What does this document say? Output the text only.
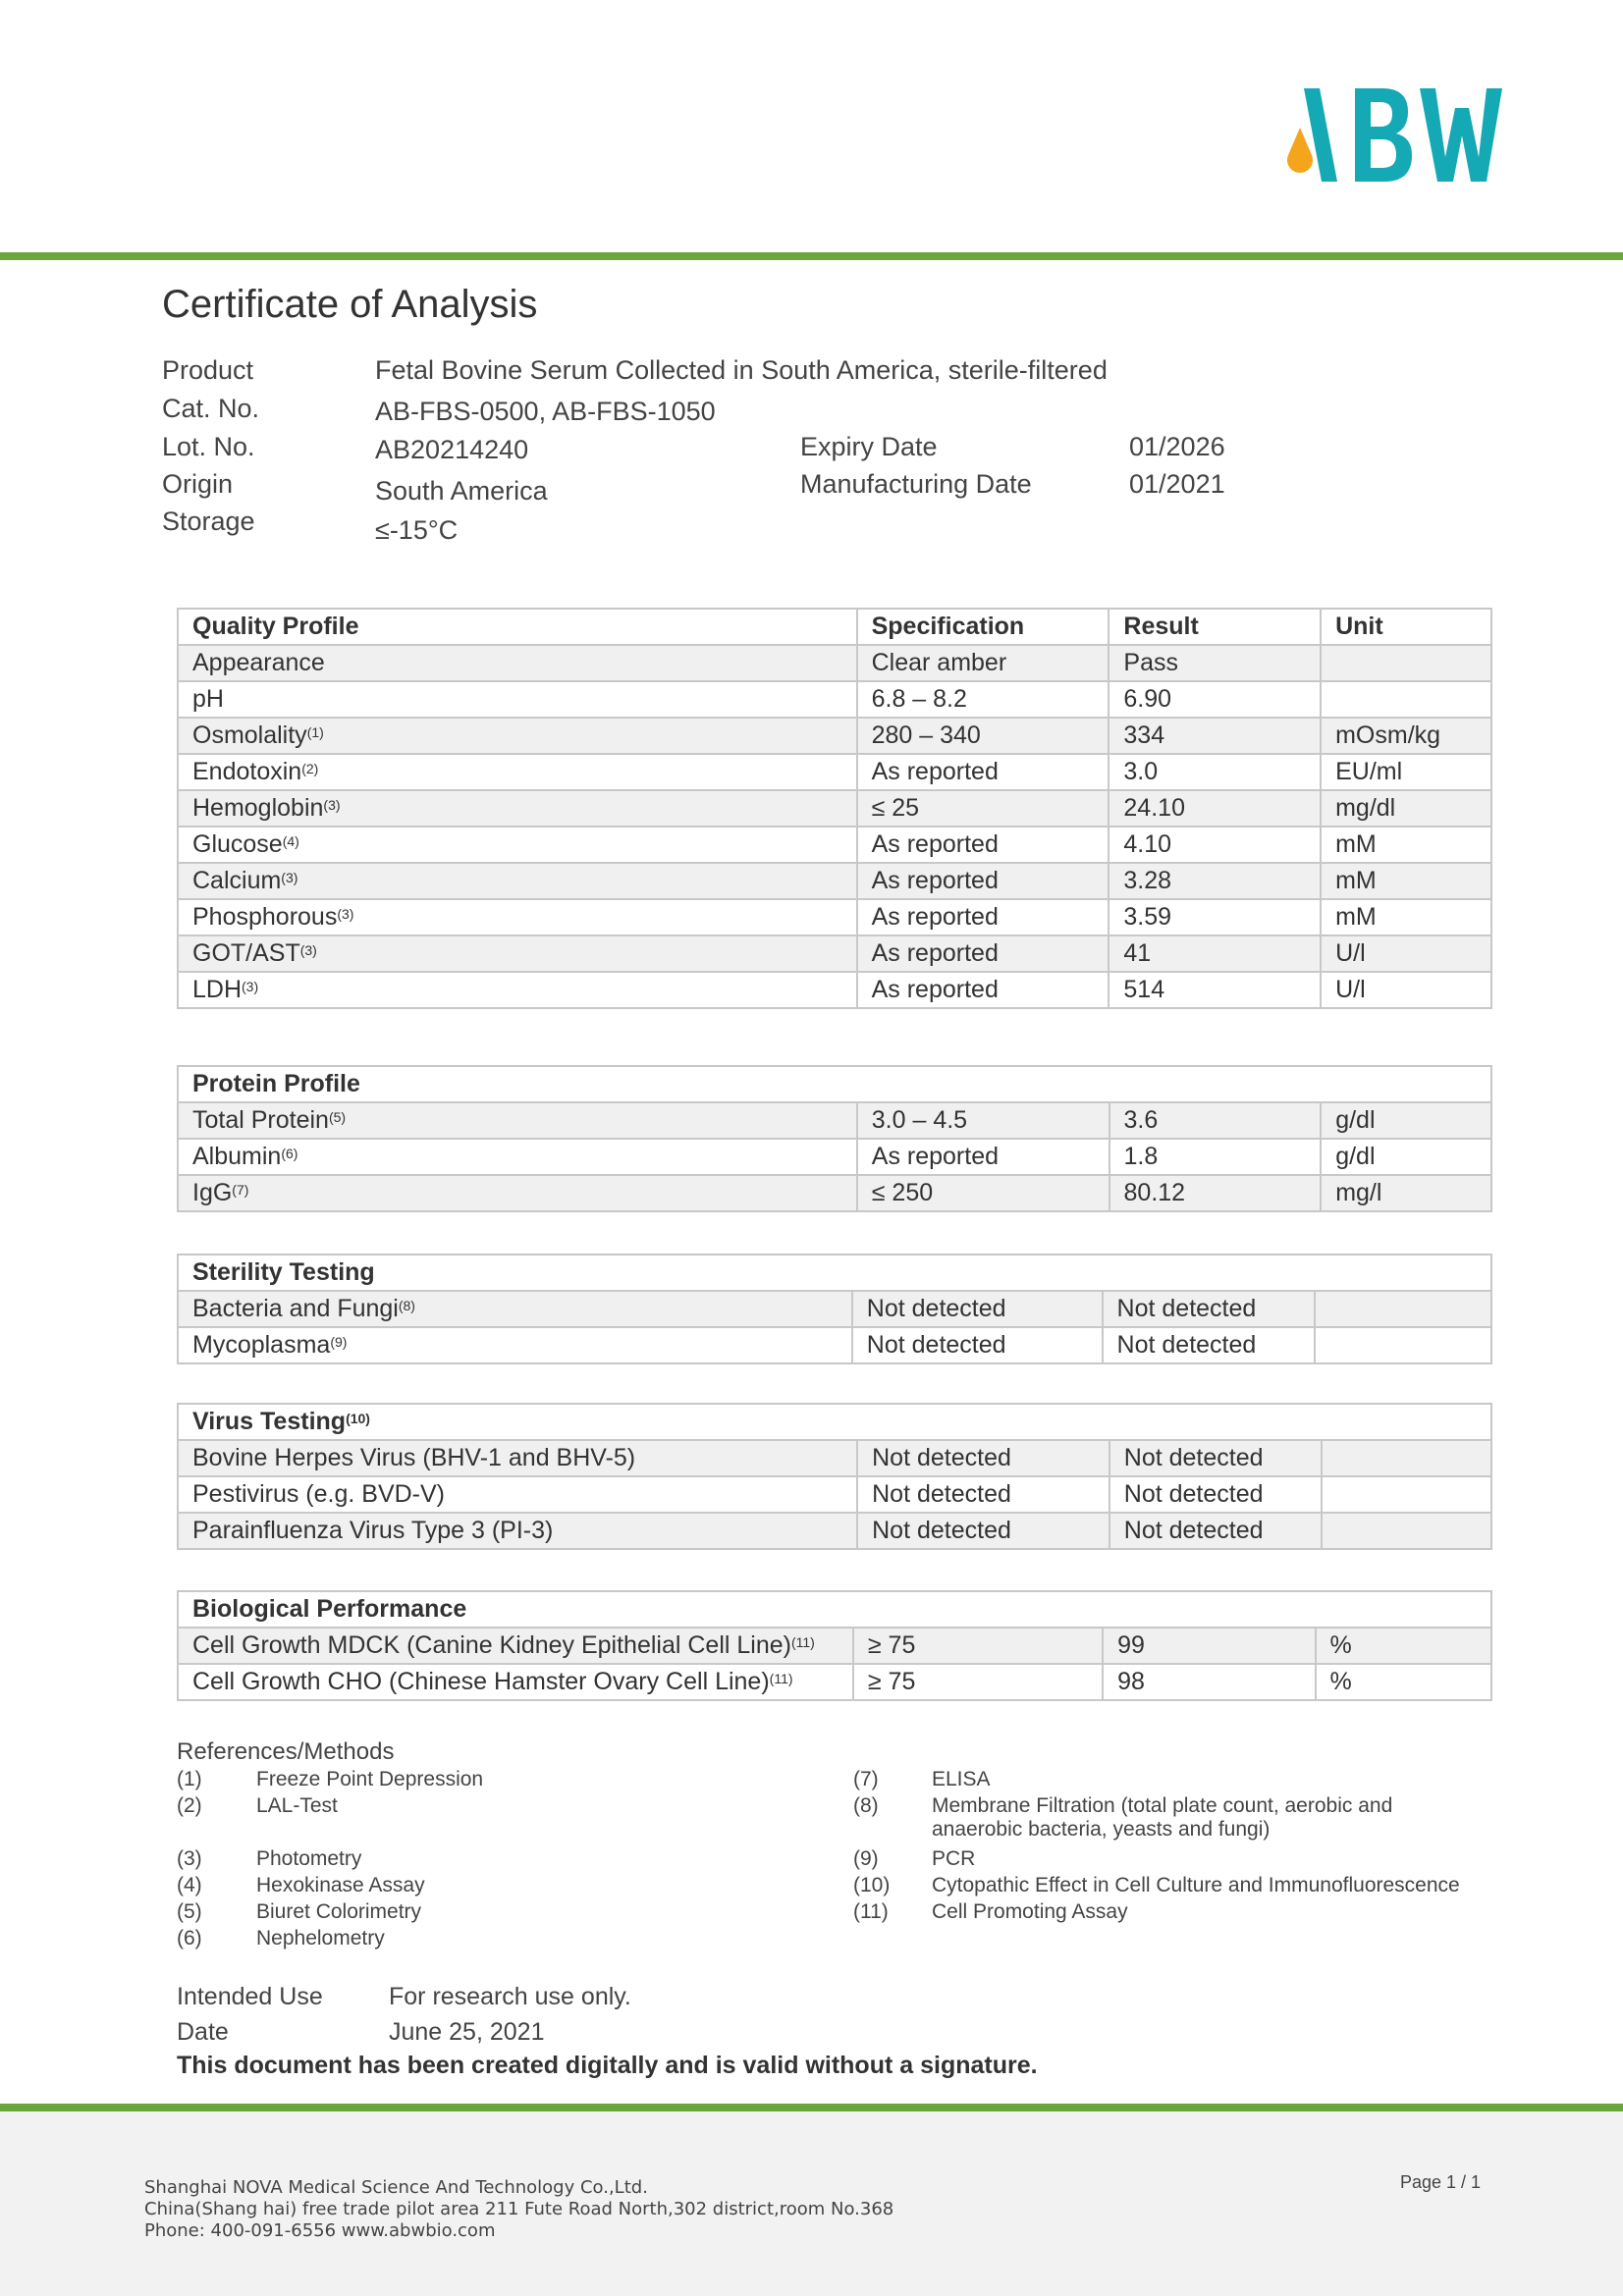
Certificate of Analysis
Product	Fetal Bovine Serum Collected in South America, sterile-filtered
Cat. No.	AB-FBS-0500, AB-FBS-1050
Lot. No.	AB20214240
Origin	South America
Storage	≤-15°C
Expiry Date	01/2026
Manufacturing Date	01/2021
Quality Profile	Specification	Result	Unit
Appearance	Clear amber	Pass	
pH	6.8 – 8.2	6.90	
Osmolality$^{(1)}$	280 – 340	334	mOsm/kg
Endotoxin$^{(2)}$	As reported	3.0	EU/ml
Hemoglobin$^{(3)}$	≤ 25	24.10	mg/dl
Glucose$^{(4)}$	As reported	4.10	mM
Calcium$^{(3)}$	As reported	3.28	mM
Phosphorous$^{(3)}$	As reported	3.59	mM
GOT/AST$^{(3)}$	As reported	41	U/l
LDH$^{(3)}$	As reported	514	U/l
Protein Profile			
Total Protein$^{(5)}$	3.0 – 4.5	3.6	g/dl
Albumin$^{(6)}$	As reported	1.8	g/dl
IgG$^{(7)}$	≤ 250	80.12	mg/l
Sterility Testing			
Bacteria and Fungi$^{(8)}$	Not detected	Not detected	
Mycoplasma$^{(9)}$	Not detected	Not detected	
Virus Testing$^{(10)}$
Bovine Herpes Virus (BHV-1 and BHV-5)	Not detected	Not detected	
Pestivirus (e.g. BVD-V)	Not detected	Not detected	
Parainfluenza Virus Type 3 (PI-3)	Not detected	Not detected	
Biological Performance			
Cell Growth MDCK (Canine Kidney Epithelial Cell Line)$^{(11)}$	≥ 75	99	%
Cell Growth CHO (Chinese Hamster Ovary Cell Line)$^{(11)}$	≥ 75	98	%
References/Methods
(1)	Freeze Point Depression
(2)	LAL-Test
(3)	Photometry
(4)	Hexokinase Assay
(5)	Biuret Colorimetry
(6)	Nephelometry
(7)	ELISA
(8)	Membrane Filtration (total plate count, aerobic and
anaerobic bacteria, yeasts and fungi)
(9)	PCR
(10) Cytopathic Effect in Cell Culture and Immunofluorescence
(11) Cell Promoting Assay
Intended Use	For research use only.
Date	June 25, 2021
This document has been created digitally and is valid without a signature.
Shanghai NOVA Medical Science And Technology Co.,Ltd.
China(Shang hai) free trade pilot area 211 Fute Road North,302 district,room No.368
Phone: 400-091-6556 www.abwbio.com
Page 1 / 1
